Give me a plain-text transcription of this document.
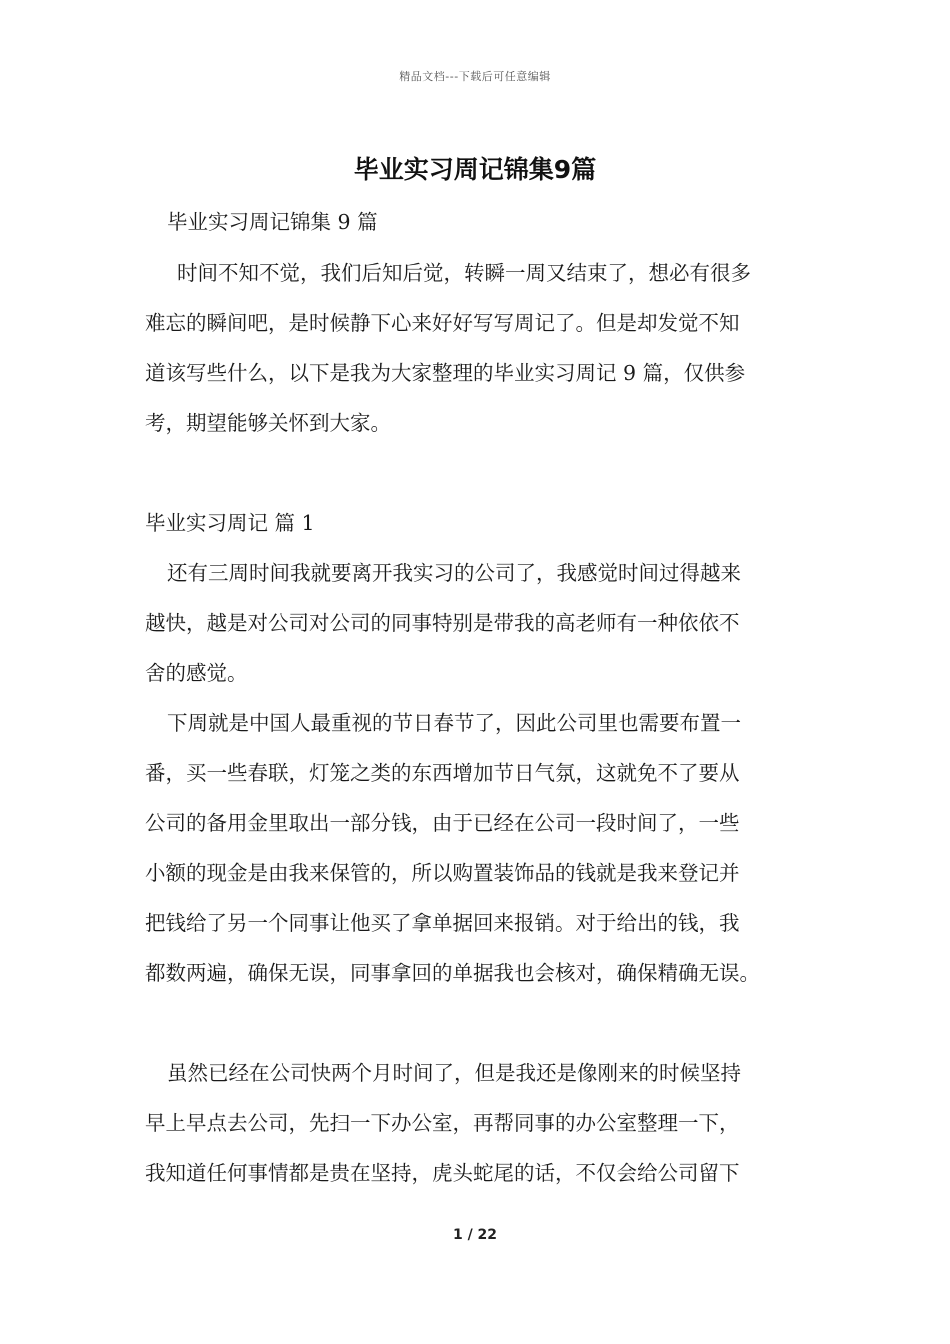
精品文档---下载后可任意编辑
毕业实习周记锦集9篇
毕业实习周记锦集 9 篇
时间不知不觉，我们后知后觉，转瞬一周又结束了，想必有很多
难忘的瞬间吧，是时候静下心来好好写写周记了。但是却发觉不知
道该写些什么，以下是我为大家整理的毕业实习周记 9 篇，仅供参
考，期望能够关怀到大家。
毕业实习周记 篇 1
还有三周时间我就要离开我实习的公司了，我感觉时间过得越来
越快，越是对公司对公司的同事特别是带我的高老师有一种依依不
舍的感觉。
下周就是中国人最重视的节日春节了，因此公司里也需要布置一
番，买一些春联，灯笼之类的东西增加节日气氛，这就免不了要从
公司的备用金里取出一部分钱，由于已经在公司一段时间了，一些
小额的现金是由我来保管的，所以购置装饰品的钱就是我来登记并
把钱给了另一个同事让他买了拿单据回来报销。对于给出的钱，我
都数两遍，确保无误，同事拿回的单据我也会核对，确保精确无误。
虽然已经在公司快两个月时间了，但是我还是像刚来的时候坚持
早上早点去公司，先扫一下办公室，再帮同事的办公室整理一下，
我知道任何事情都是贵在坚持，虎头蛇尾的话，不仅会给公司留下
1 / 22
